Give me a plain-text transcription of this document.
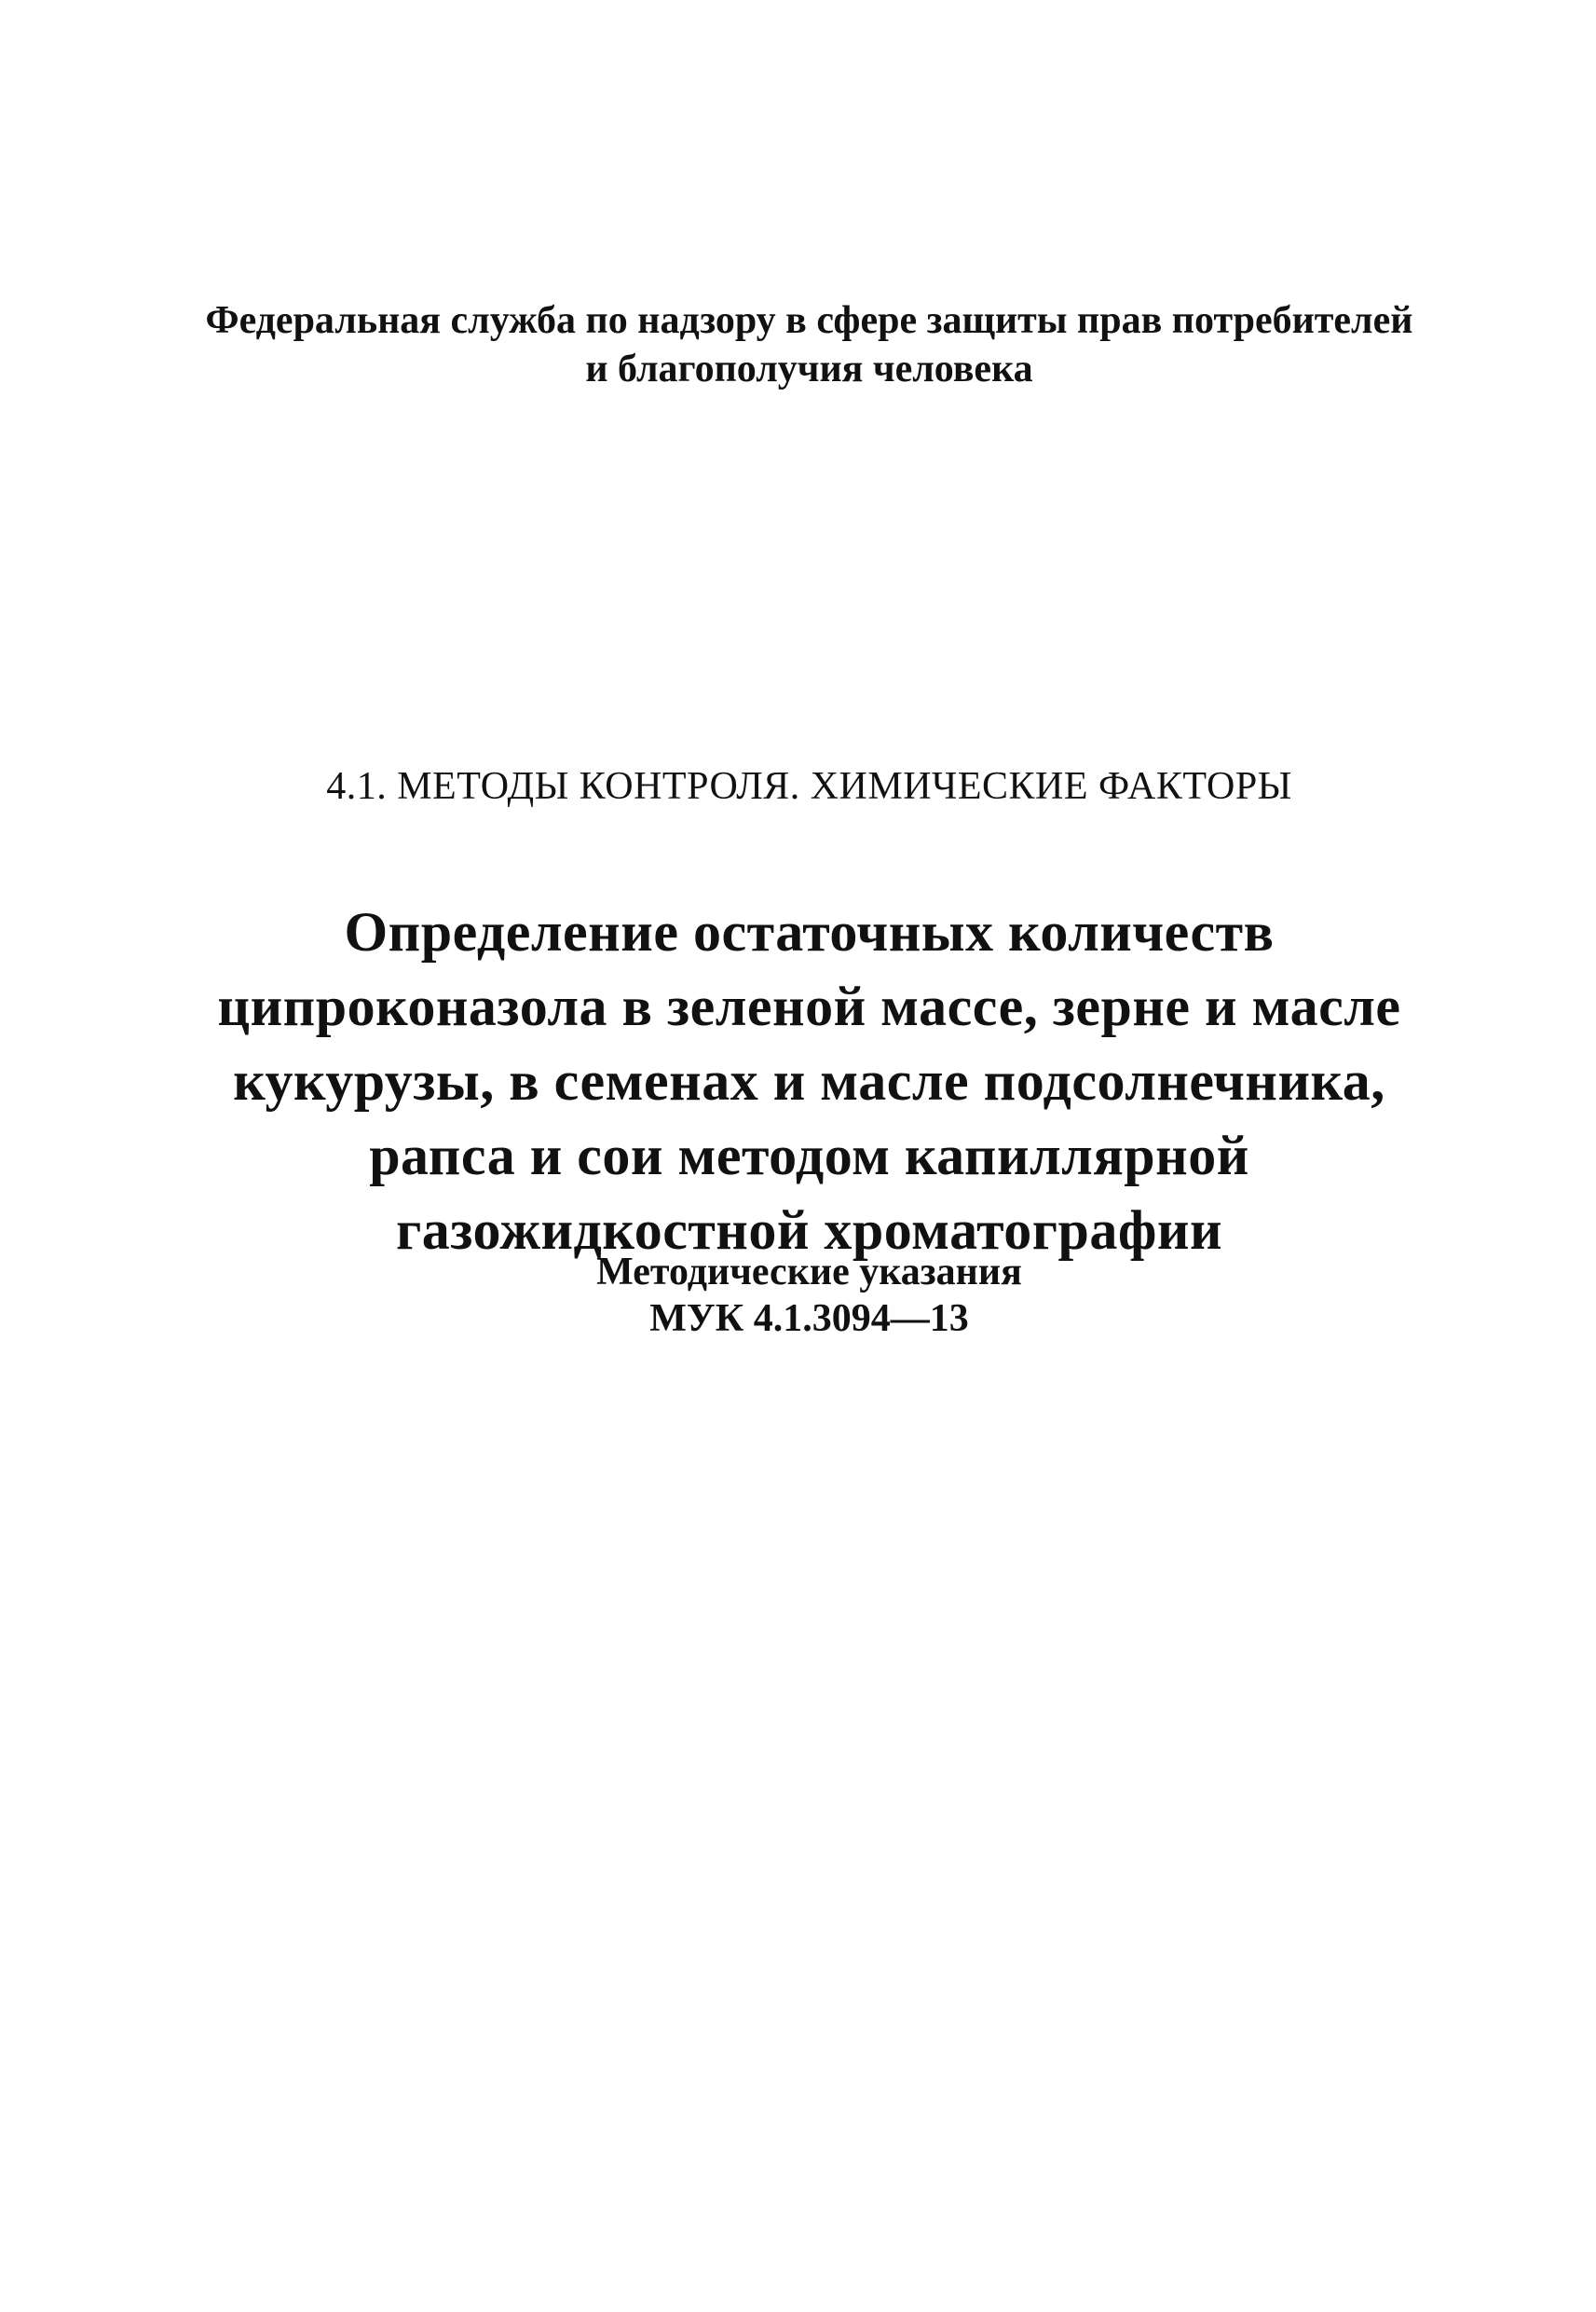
Федеральная служба по надзору в сфере защиты прав потребителей
и благополучия человека
4.1. МЕТОДЫ КОНТРОЛЯ. ХИМИЧЕСКИЕ ФАКТОРЫ
Определение остаточных количеств
ципроконазола в зеленой массе, зерне и масле
кукурузы, в семенах и масле подсолнечника,
рапса и сои методом капиллярной
газожидкостной хроматографии
Методические указания
МУК 4.1.3094—13
